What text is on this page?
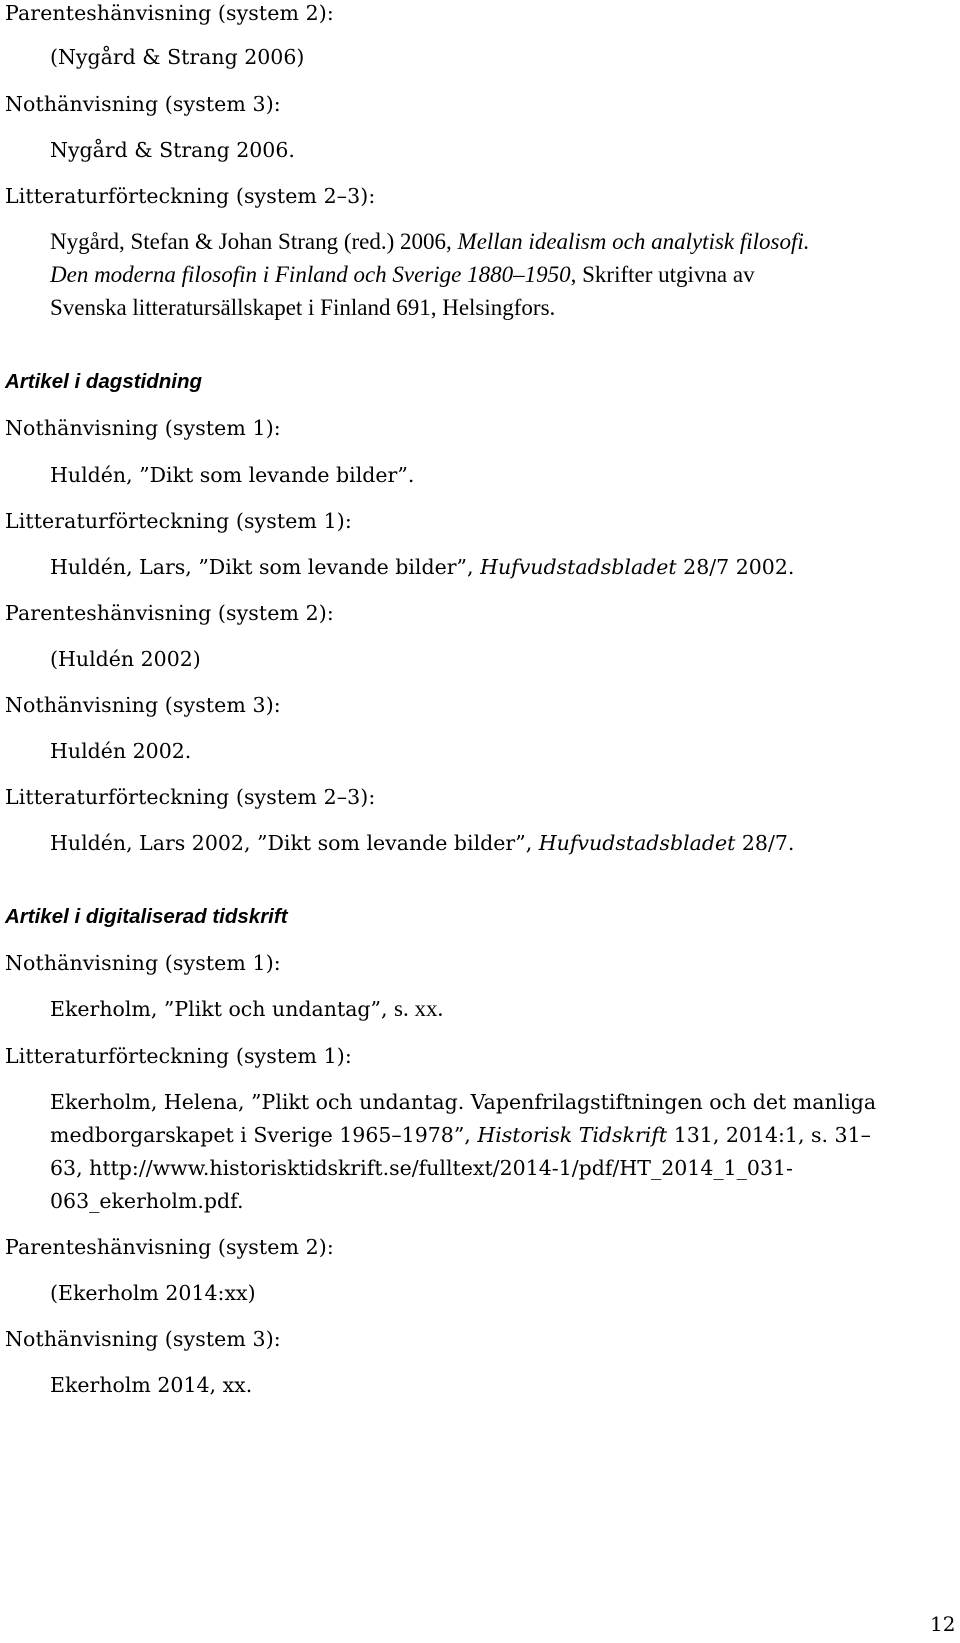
Parenteshänvisning (system 2):
(Nygård & Strang 2006)
Nothänvisning (system 3):
Nygård & Strang 2006.
Litteraturförteckning (system 2–3):
Nygård, Stefan & Johan Strang (red.) 2006, Mellan idealism och analytisk filosofi.
Den moderna filosofin i Finland och Sverige 1880–1950, Skrifter utgivna av
Svenska litteratursällskapet i Finland 691, Helsingfors.
Artikel i dagstidning
Nothänvisning (system 1):
Huldén, ”Dikt som levande bilder”.
Litteraturförteckning (system 1):
Huldén, Lars, ”Dikt som levande bilder”, Hufvudstadsbladet 28/7 2002.
Parenteshänvisning (system 2):
(Huldén 2002)
Nothänvisning (system 3):
Huldén 2002.
Litteraturförteckning (system 2–3):
Huldén, Lars 2002, ”Dikt som levande bilder”, Hufvudstadsbladet 28/7.
Artikel i digitaliserad tidskrift
Nothänvisning (system 1):
Ekerholm, ”Plikt och undantag”, s. xx.
Litteraturförteckning (system 1):
Ekerholm, Helena, ”Plikt och undantag. Vapenfrilagstiftningen och det manliga
medborgarskapet i Sverige 1965–1978”, Historisk Tidskrift 131, 2014:1, s. 31–
63, http://www.historisktidskrift.se/fulltext/2014-1/pdf/HT_2014_1_031-
063_ekerholm.pdf.
Parenteshänvisning (system 2):
(Ekerholm 2014:xx)
Nothänvisning (system 3):
Ekerholm 2014, xx.
12
